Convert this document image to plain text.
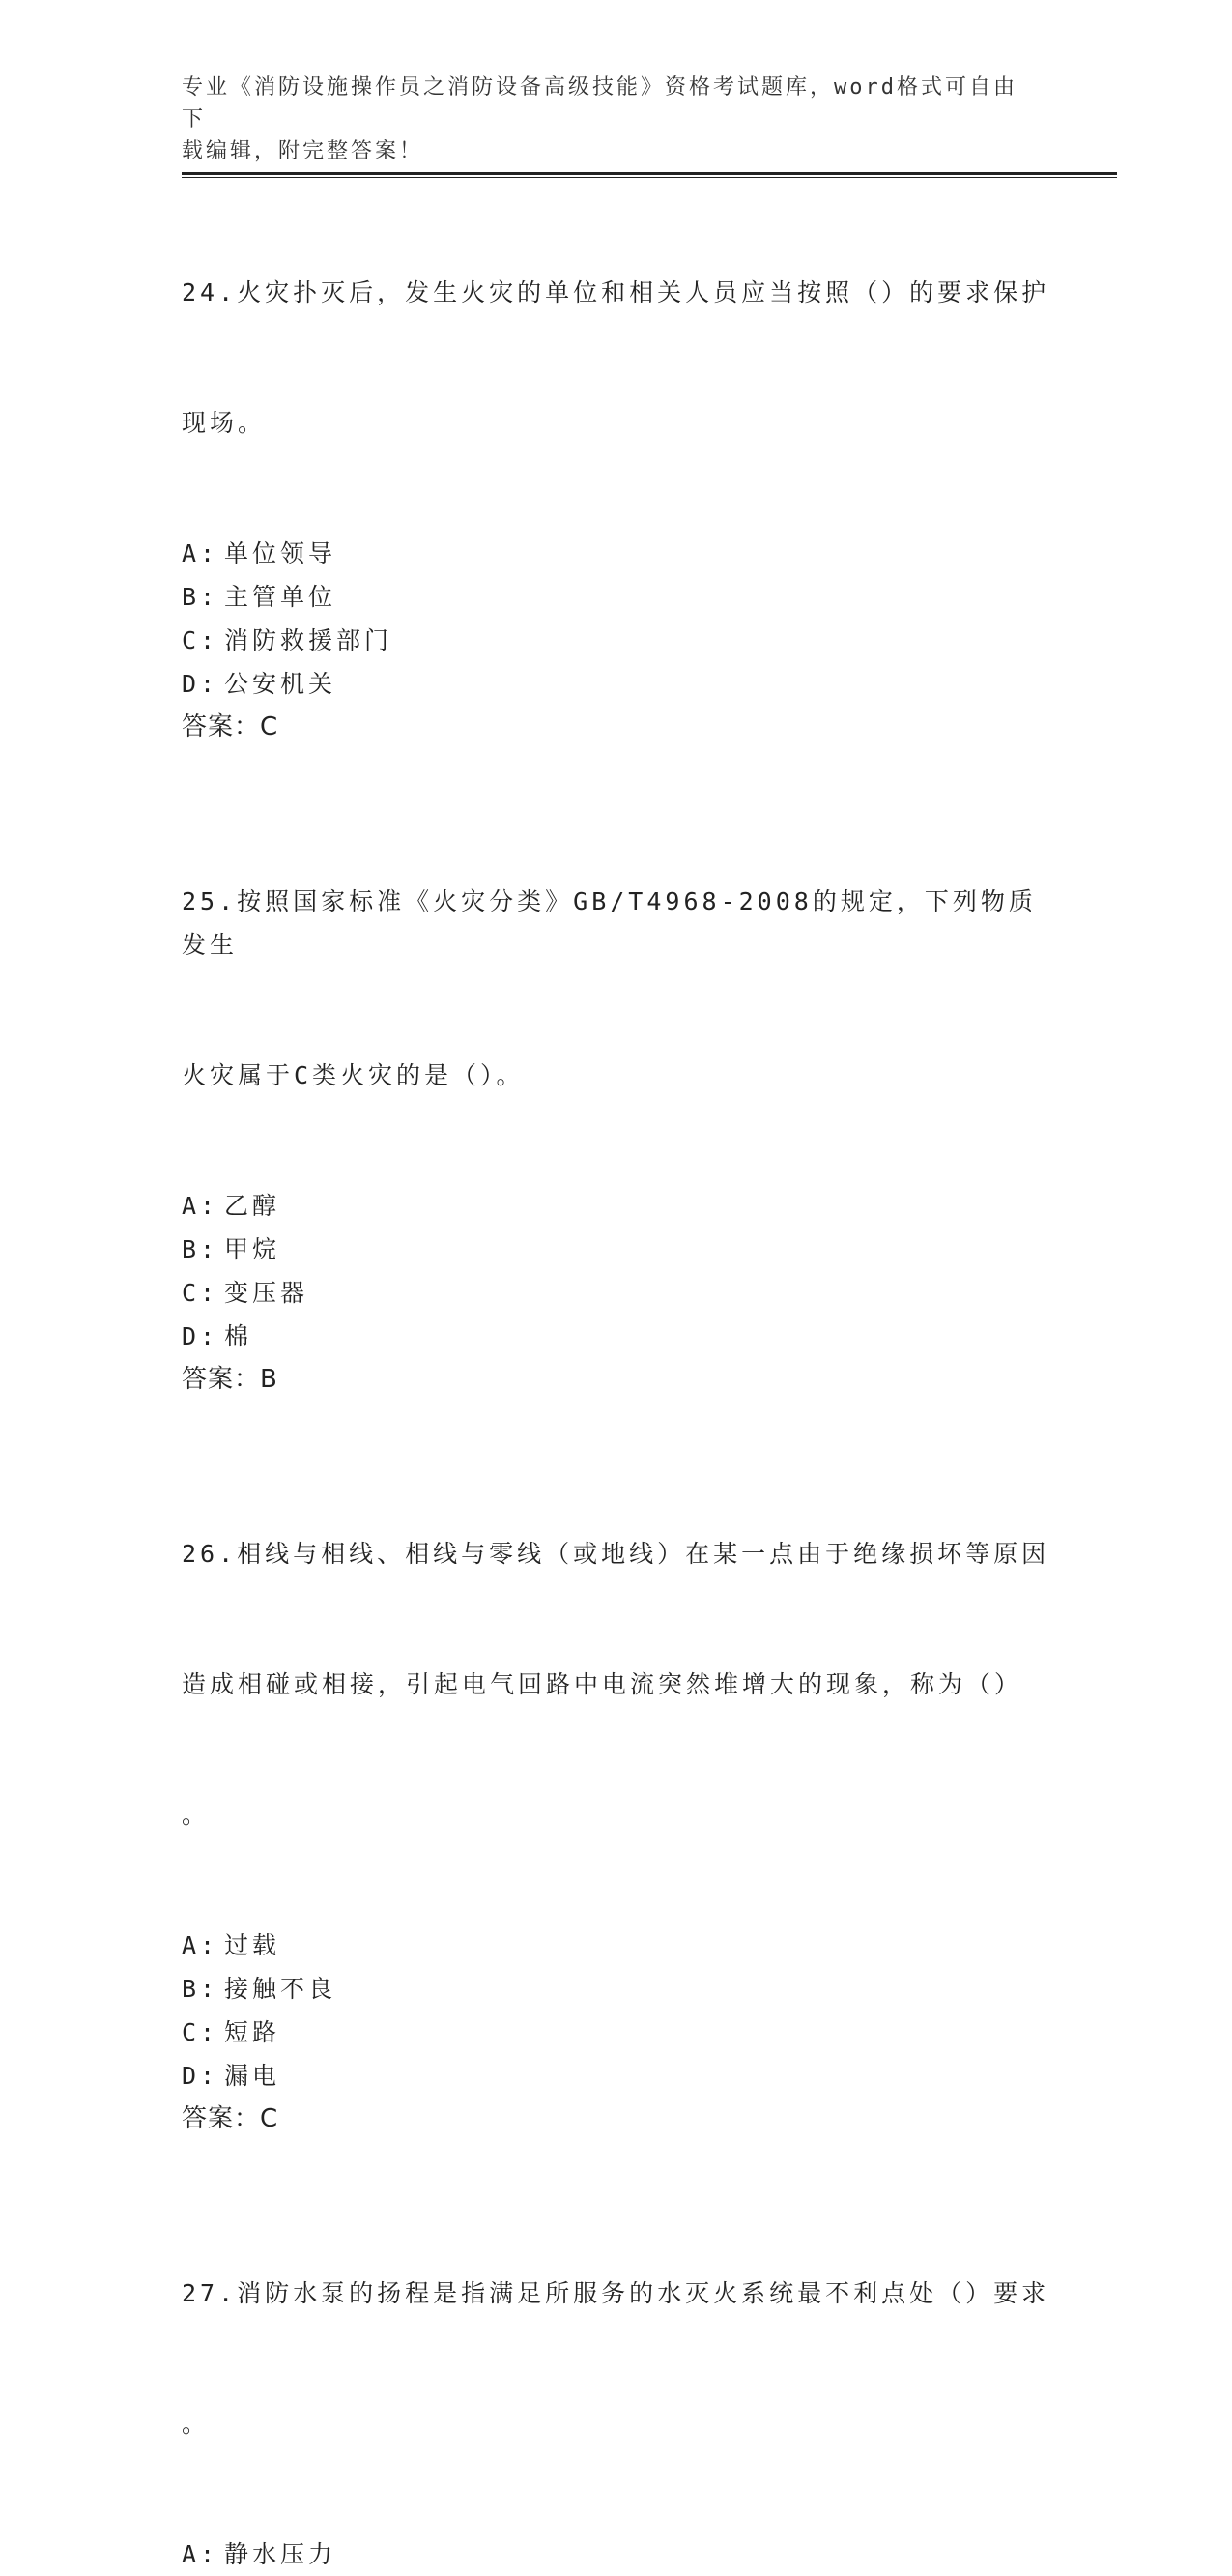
专业《消防设施操作员之消防设备高级技能》资格考试题库，word格式可自由下
载编辑，附完整答案！

24.火灾扑灭后，发生火灾的单位和相关人员应当按照（）的要求保护

现场。

A: 单位领导
B: 主管单位
C: 消防救援部门
D: 公安机关
答案：C

25.按照国家标准《火灾分类》GB/T4968-2008的规定，下列物质发生

火灾属于C类火灾的是（）。

A: 乙醇
B: 甲烷
C: 变压器
D: 棉
答案：B

26.相线与相线、相线与零线（或地线）在某一点由于绝缘损坏等原因

造成相碰或相接，引起电气回路中电流突然堆增大的现象，称为（）

。

A: 过载
B: 接触不良
C: 短路
D: 漏电
答案：C

27.消防水泵的扬程是指满足所服务的水灭火系统最不利点处（）要求

。

A: 静水压力
